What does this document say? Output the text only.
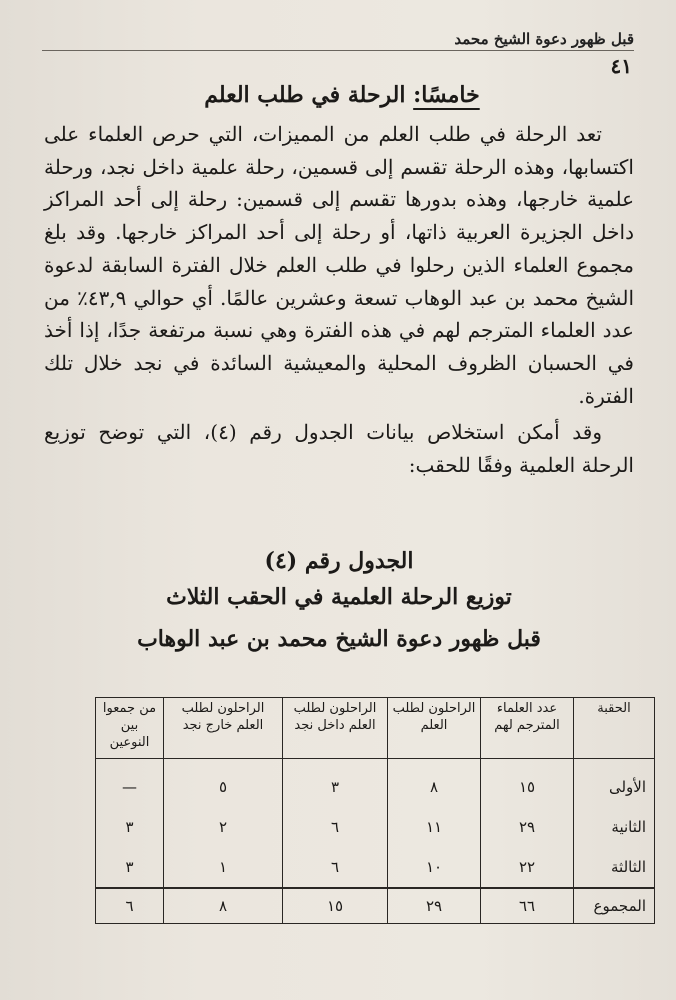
قبل ظهور دعوة الشيخ محمد
٤١
خامسًا: الرحلة في طلب العلم

تعد الرحلة في طلب العلم من المميزات، التي حرص العلماء على اكتسابها، وهذه الرحلة تقسم إلى قسمين، رحلة علمية داخل نجد، ورحلة علمية خارجها، وهذه بدورها تقسم إلى قسمين: رحلة إلى أحد المراكز داخل الجزيرة العربية ذاتها، أو رحلة إلى أحد المراكز خارجها. وقد بلغ مجموع العلماء الذين رحلوا في طلب العلم خلال الفترة السابقة لدعوة الشيخ محمد بن عبد الوهاب تسعة وعشرين عالمًا. أي حوالي ٤٣,٩٪ من عدد العلماء المترجم لهم في هذه الفترة وهي نسبة مرتفعة جدًا، إذا أخذ في الحسبان الظروف المحلية والمعيشية السائدة في نجد خلال تلك الفترة.

وقد أمكن استخلاص بيانات الجدول رقم (٤)، التي توضح توزيع الرحلة العلمية وفقًا للحقب:

الجدول رقم (٤)
توزيع الرحلة العلمية في الحقب الثلاث
قبل ظهور دعوة الشيخ محمد بن عبد الوهاب
الحقبة	عدد العلماء المترجم لهم	الراحلون لطلب العلم	الراحلون لطلب العلم داخل نجد	الراحلون لطلب العلم خارج نجد	من جمعوا بين النوعين
الأولى	١٥	٨	٣	٥	—
الثانية	٢٩	١١	٦	٢	٣
الثالثة	٢٢	١٠	٦	١	٣
المجموع	٦٦	٢٩	١٥	٨	٦
